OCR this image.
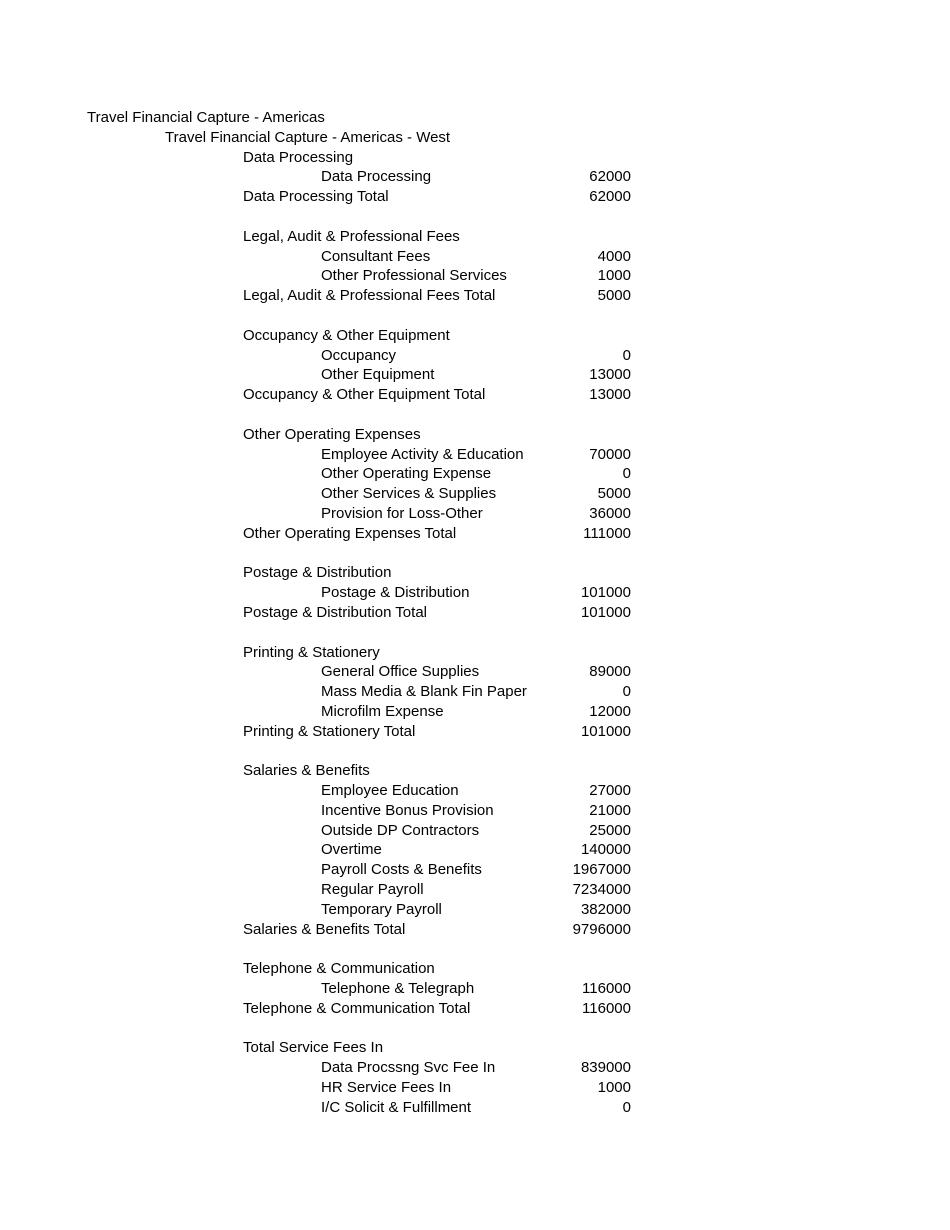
Travel Financial Capture - Americas
Travel Financial Capture - Americas - West
Data Processing
Data Processing	62000
Data Processing Total	62000
Legal, Audit & Professional Fees
Consultant Fees	4000
Other Professional Services	1000
Legal, Audit & Professional Fees Total	5000
Occupancy & Other Equipment
Occupancy	0
Other Equipment	13000
Occupancy & Other Equipment Total	13000
Other Operating Expenses
Employee Activity & Education	70000
Other Operating Expense	0
Other Services & Supplies	5000
Provision for Loss-Other	36000
Other Operating Expenses Total	111000
Postage & Distribution
Postage & Distribution	101000
Postage & Distribution Total	101000
Printing & Stationery
General Office Supplies	89000
Mass Media & Blank Fin Paper	0
Microfilm Expense	12000
Printing & Stationery Total	101000
Salaries & Benefits
Employee Education	27000
Incentive Bonus Provision	21000
Outside DP Contractors	25000
Overtime	140000
Payroll Costs & Benefits	1967000
Regular Payroll	7234000
Temporary Payroll	382000
Salaries & Benefits Total	9796000
Telephone & Communication
Telephone & Telegraph	116000
Telephone & Communication Total	116000
Total Service Fees In
Data Procssng Svc Fee In	839000
HR Service Fees In	1000
I/C Solicit & Fulfillment	0
